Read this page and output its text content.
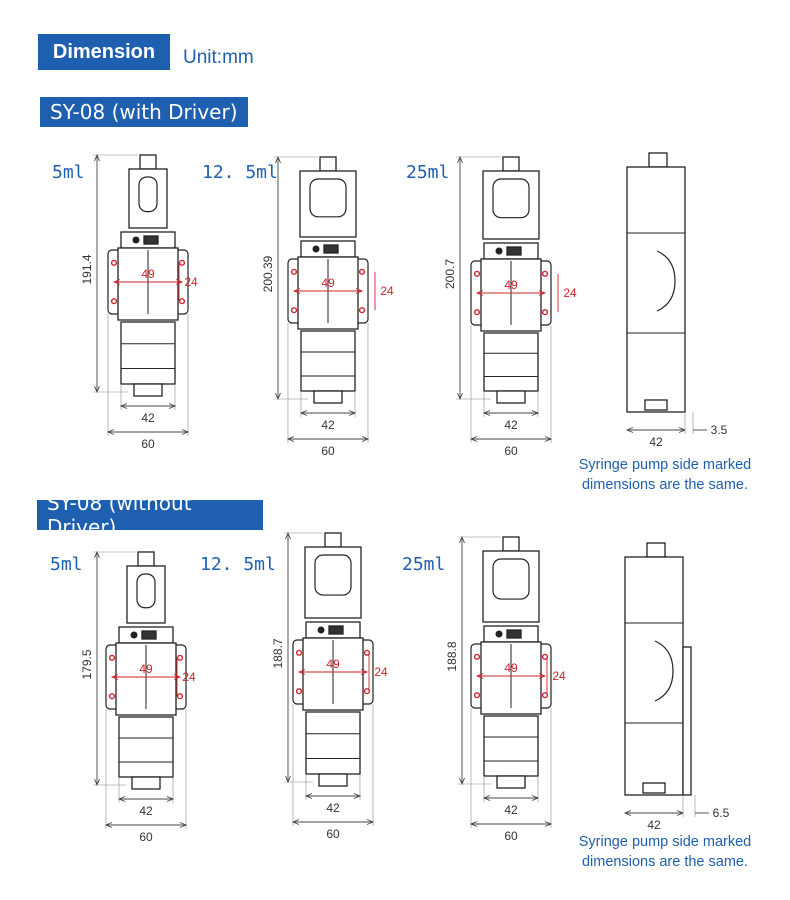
Dimension	Unit:mm
SY-08 (with Driver)
SY-08 (without Driver)
49
24
191.4
42
60
5ml
49
24
200.39
42
60
12. 5ml
49
24
200.7
42
60
25ml
42
3.5
49
24
179.5
42
60
5ml
49
24
188.7
42
60
12. 5ml
49
24
188.8
42
60
25ml
42
6.5
Syringe pump side marked
dimensions are the same.
Syringe pump side marked
dimensions are the same.
